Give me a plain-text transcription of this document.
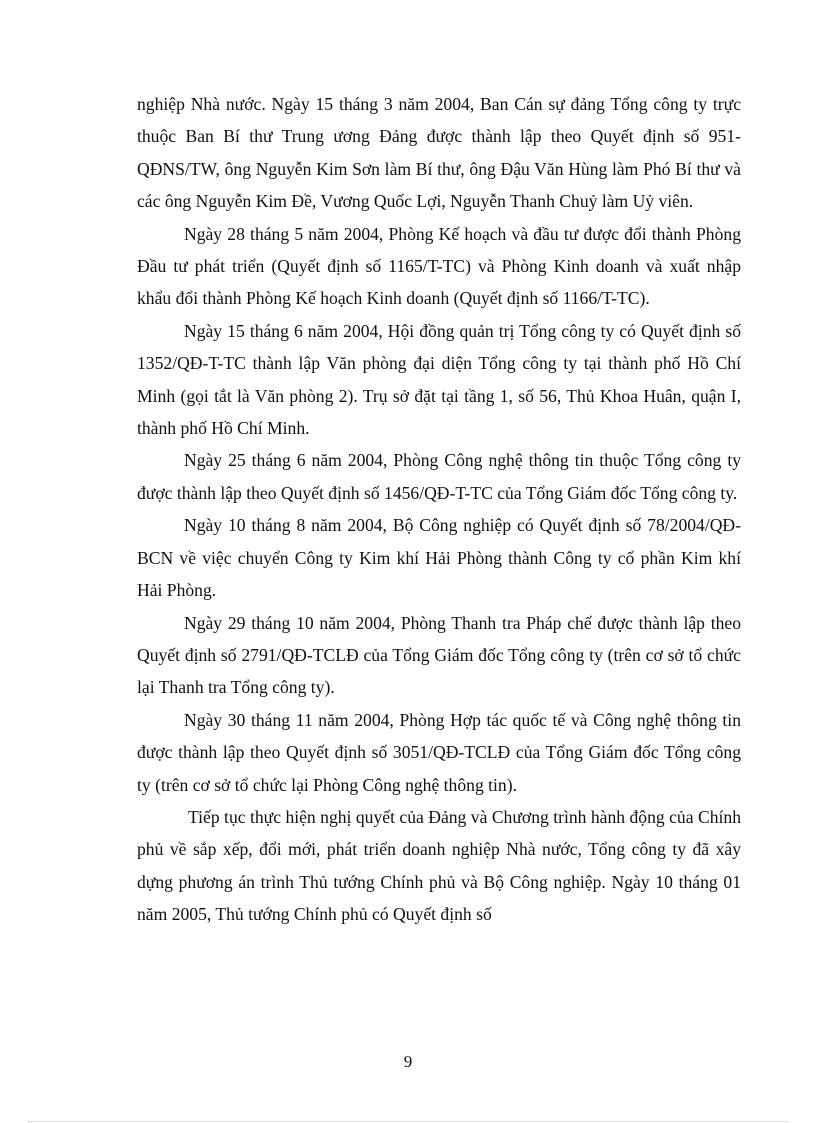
nghiệp Nhà nước. Ngày 15 tháng 3 năm 2004, Ban Cán sự đảng Tổng công ty trực thuộc Ban Bí thư Trung ương Đảng được thành lập theo Quyết định số 951-QĐNS/TW, ông Nguyễn Kim Sơn làm Bí thư, ông Đậu Văn Hùng làm Phó Bí thư và các ông Nguyễn Kim Đề, Vương Quốc Lợi, Nguyễn Thanh Chuỷ làm Uỷ viên.

Ngày 28 tháng 5 năm 2004, Phòng Kế hoạch và đầu tư được đổi thành Phòng Đầu tư phát triển (Quyết định số 1165/T-TC) và Phòng Kinh doanh và xuất nhập khẩu đổi thành Phòng Kế hoạch Kinh doanh (Quyết định số 1166/T-TC).

Ngày 15 tháng 6 năm 2004, Hội đồng quản trị Tổng công ty có Quyết định số 1352/QĐ-T-TC thành lập Văn phòng đại diện Tổng công ty tại thành phố Hồ Chí Minh (gọi tắt là Văn phòng 2). Trụ sở đặt tại tầng 1, số 56, Thủ Khoa Huân, quận I, thành phố Hồ Chí Minh.

Ngày 25 tháng 6 năm 2004, Phòng Công nghệ thông tin thuộc Tổng công ty được thành lập theo Quyết định số 1456/QĐ-T-TC của Tổng Giám đốc Tổng công ty.

Ngày 10 tháng 8 năm 2004, Bộ Công nghiệp có Quyết định số 78/2004/QĐ-BCN về việc chuyển Công ty Kim khí Hải Phòng thành Công ty cổ phần Kim khí Hải Phòng.

Ngày 29 tháng 10 năm 2004, Phòng Thanh tra Pháp chế được thành lập theo Quyết định số 2791/QĐ-TCLĐ của Tổng Giám đốc Tổng công ty (trên cơ sở tổ chức lại Thanh tra Tổng công ty).

Ngày 30 tháng 11 năm 2004, Phòng Hợp tác quốc tế và Công nghệ thông tin được thành lập theo Quyết định số 3051/QĐ-TCLĐ của Tổng Giám đốc Tổng công ty (trên cơ sở tổ chức lại Phòng Công nghệ thông tin).

Tiếp tục thực hiện nghị quyết của Đảng và Chương trình hành động của Chính phủ về sắp xếp, đổi mới, phát triển doanh nghiệp Nhà nước, Tổng công ty đã xây dựng phương án trình Thủ tướng Chính phủ và Bộ Công nghiệp. Ngày 10 tháng 01 năm 2005, Thủ tướng Chính phủ có Quyết định số

9
